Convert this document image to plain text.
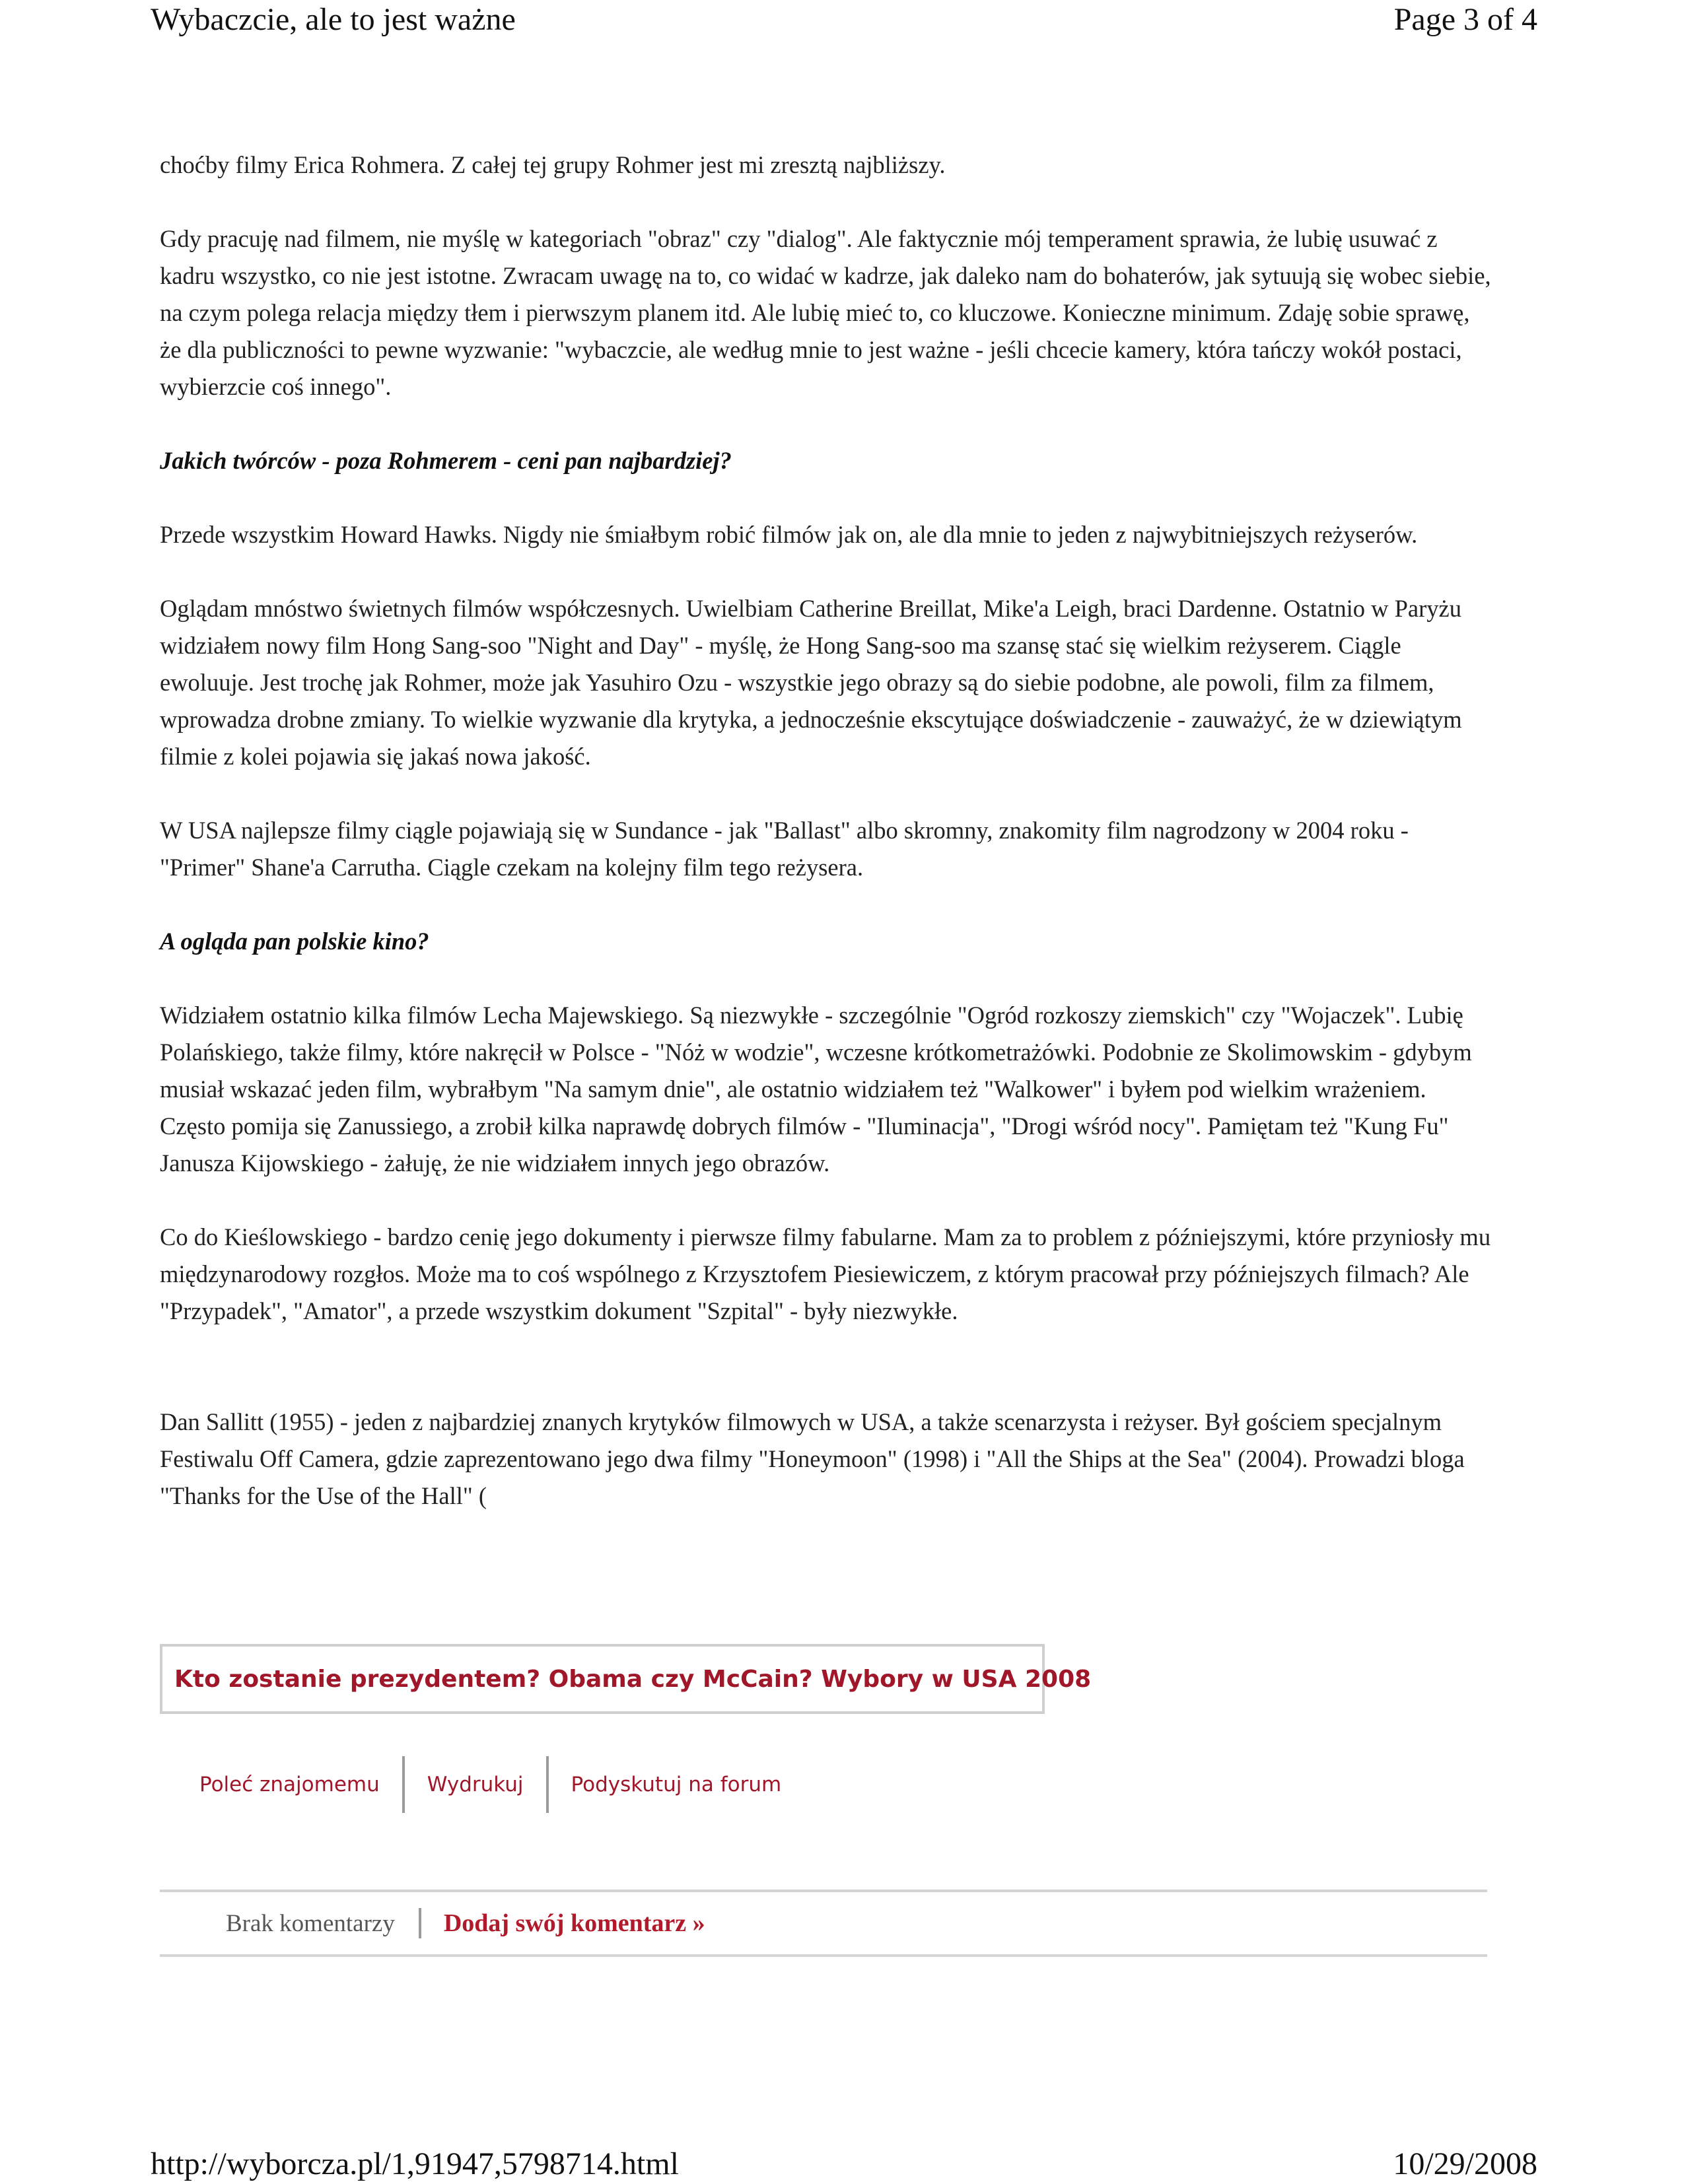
Wybaczcie, ale to jest ważne	Page 3 of 4

choćby filmy Erica Rohmera. Z całej tej grupy Rohmer jest mi zresztą najbliższy.

Gdy pracuję nad filmem, nie myślę w kategoriach "obraz" czy "dialog". Ale faktycznie mój temperament sprawia, że lubię usuwać z kadru wszystko, co nie jest istotne. Zwracam uwagę na to, co widać w kadrze, jak daleko nam do bohaterów, jak sytuują się wobec siebie, na czym polega relacja między tłem i pierwszym planem itd. Ale lubię mieć to, co kluczowe. Konieczne minimum. Zdaję sobie sprawę, że dla publiczności to pewne wyzwanie: "wybaczcie, ale według mnie to jest ważne - jeśli chcecie kamery, która tańczy wokół postaci, wybierzcie coś innego".

Jakich twórców - poza Rohmerem - ceni pan najbardziej?

Przede wszystkim Howard Hawks. Nigdy nie śmiałbym robić filmów jak on, ale dla mnie to jeden z najwybitniejszych reżyserów.

Oglądam mnóstwo świetnych filmów współczesnych. Uwielbiam Catherine Breillat, Mike'a Leigh, braci Dardenne. Ostatnio w Paryżu widziałem nowy film Hong Sang-soo "Night and Day" - myślę, że Hong Sang-soo ma szansę stać się wielkim reżyserem. Ciągle ewoluuje. Jest trochę jak Rohmer, może jak Yasuhiro Ozu - wszystkie jego obrazy są do siebie podobne, ale powoli, film za filmem, wprowadza drobne zmiany. To wielkie wyzwanie dla krytyka, a jednocześnie ekscytujące doświadczenie - zauważyć, że w dziewiątym filmie z kolei pojawia się jakaś nowa jakość.

W USA najlepsze filmy ciągle pojawiają się w Sundance - jak "Ballast" albo skromny, znakomity film nagrodzony w 2004 roku - "Primer" Shane'a Carrutha. Ciągle czekam na kolejny film tego reżysera.

A ogląda pan polskie kino?

Widziałem ostatnio kilka filmów Lecha Majewskiego. Są niezwykłe - szczególnie "Ogród rozkoszy ziemskich" czy "Wojaczek". Lubię Polańskiego, także filmy, które nakręcił w Polsce - "Nóż w wodzie", wczesne krótkometrażówki. Podobnie ze Skolimowskim - gdybym musiał wskazać jeden film, wybrałbym "Na samym dnie", ale ostatnio widziałem też "Walkower" i byłem pod wielkim wrażeniem. Często pomija się Zanussiego, a zrobił kilka naprawdę dobrych filmów - "Iluminacja", "Drogi wśród nocy". Pamiętam też "Kung Fu" Janusza Kijowskiego - żałuję, że nie widziałem innych jego obrazów.

Co do Kieślowskiego - bardzo cenię jego dokumenty i pierwsze filmy fabularne. Mam za to problem z późniejszymi, które przyniosły mu międzynarodowy rozgłos. Może ma to coś wspólnego z Krzysztofem Piesiewiczem, z którym pracował przy późniejszych filmach? Ale "Przypadek", "Amator", a przede wszystkim dokument "Szpital" - były niezwykłe.

Dan Sallitt (1955) - jeden z najbardziej znanych krytyków filmowych w USA, a także scenarzysta i reżyser. Był gościem specjalnym Festiwalu Off Camera, gdzie zaprezentowano jego dwa filmy "Honeymoon" (1998) i "All the Ships at the Sea" (2004). Prowadzi bloga "Thanks for the Use of the Hall" (

Kto zostanie prezydentem? Obama czy McCain? Wybory w USA 2008
Poleć znajomemu	Wydrukuj	Podyskutuj na forum
Brak komentarzy Dodaj swój komentarz »
http://wyborcza.pl/1,91947,5798714.html	10/29/2008
